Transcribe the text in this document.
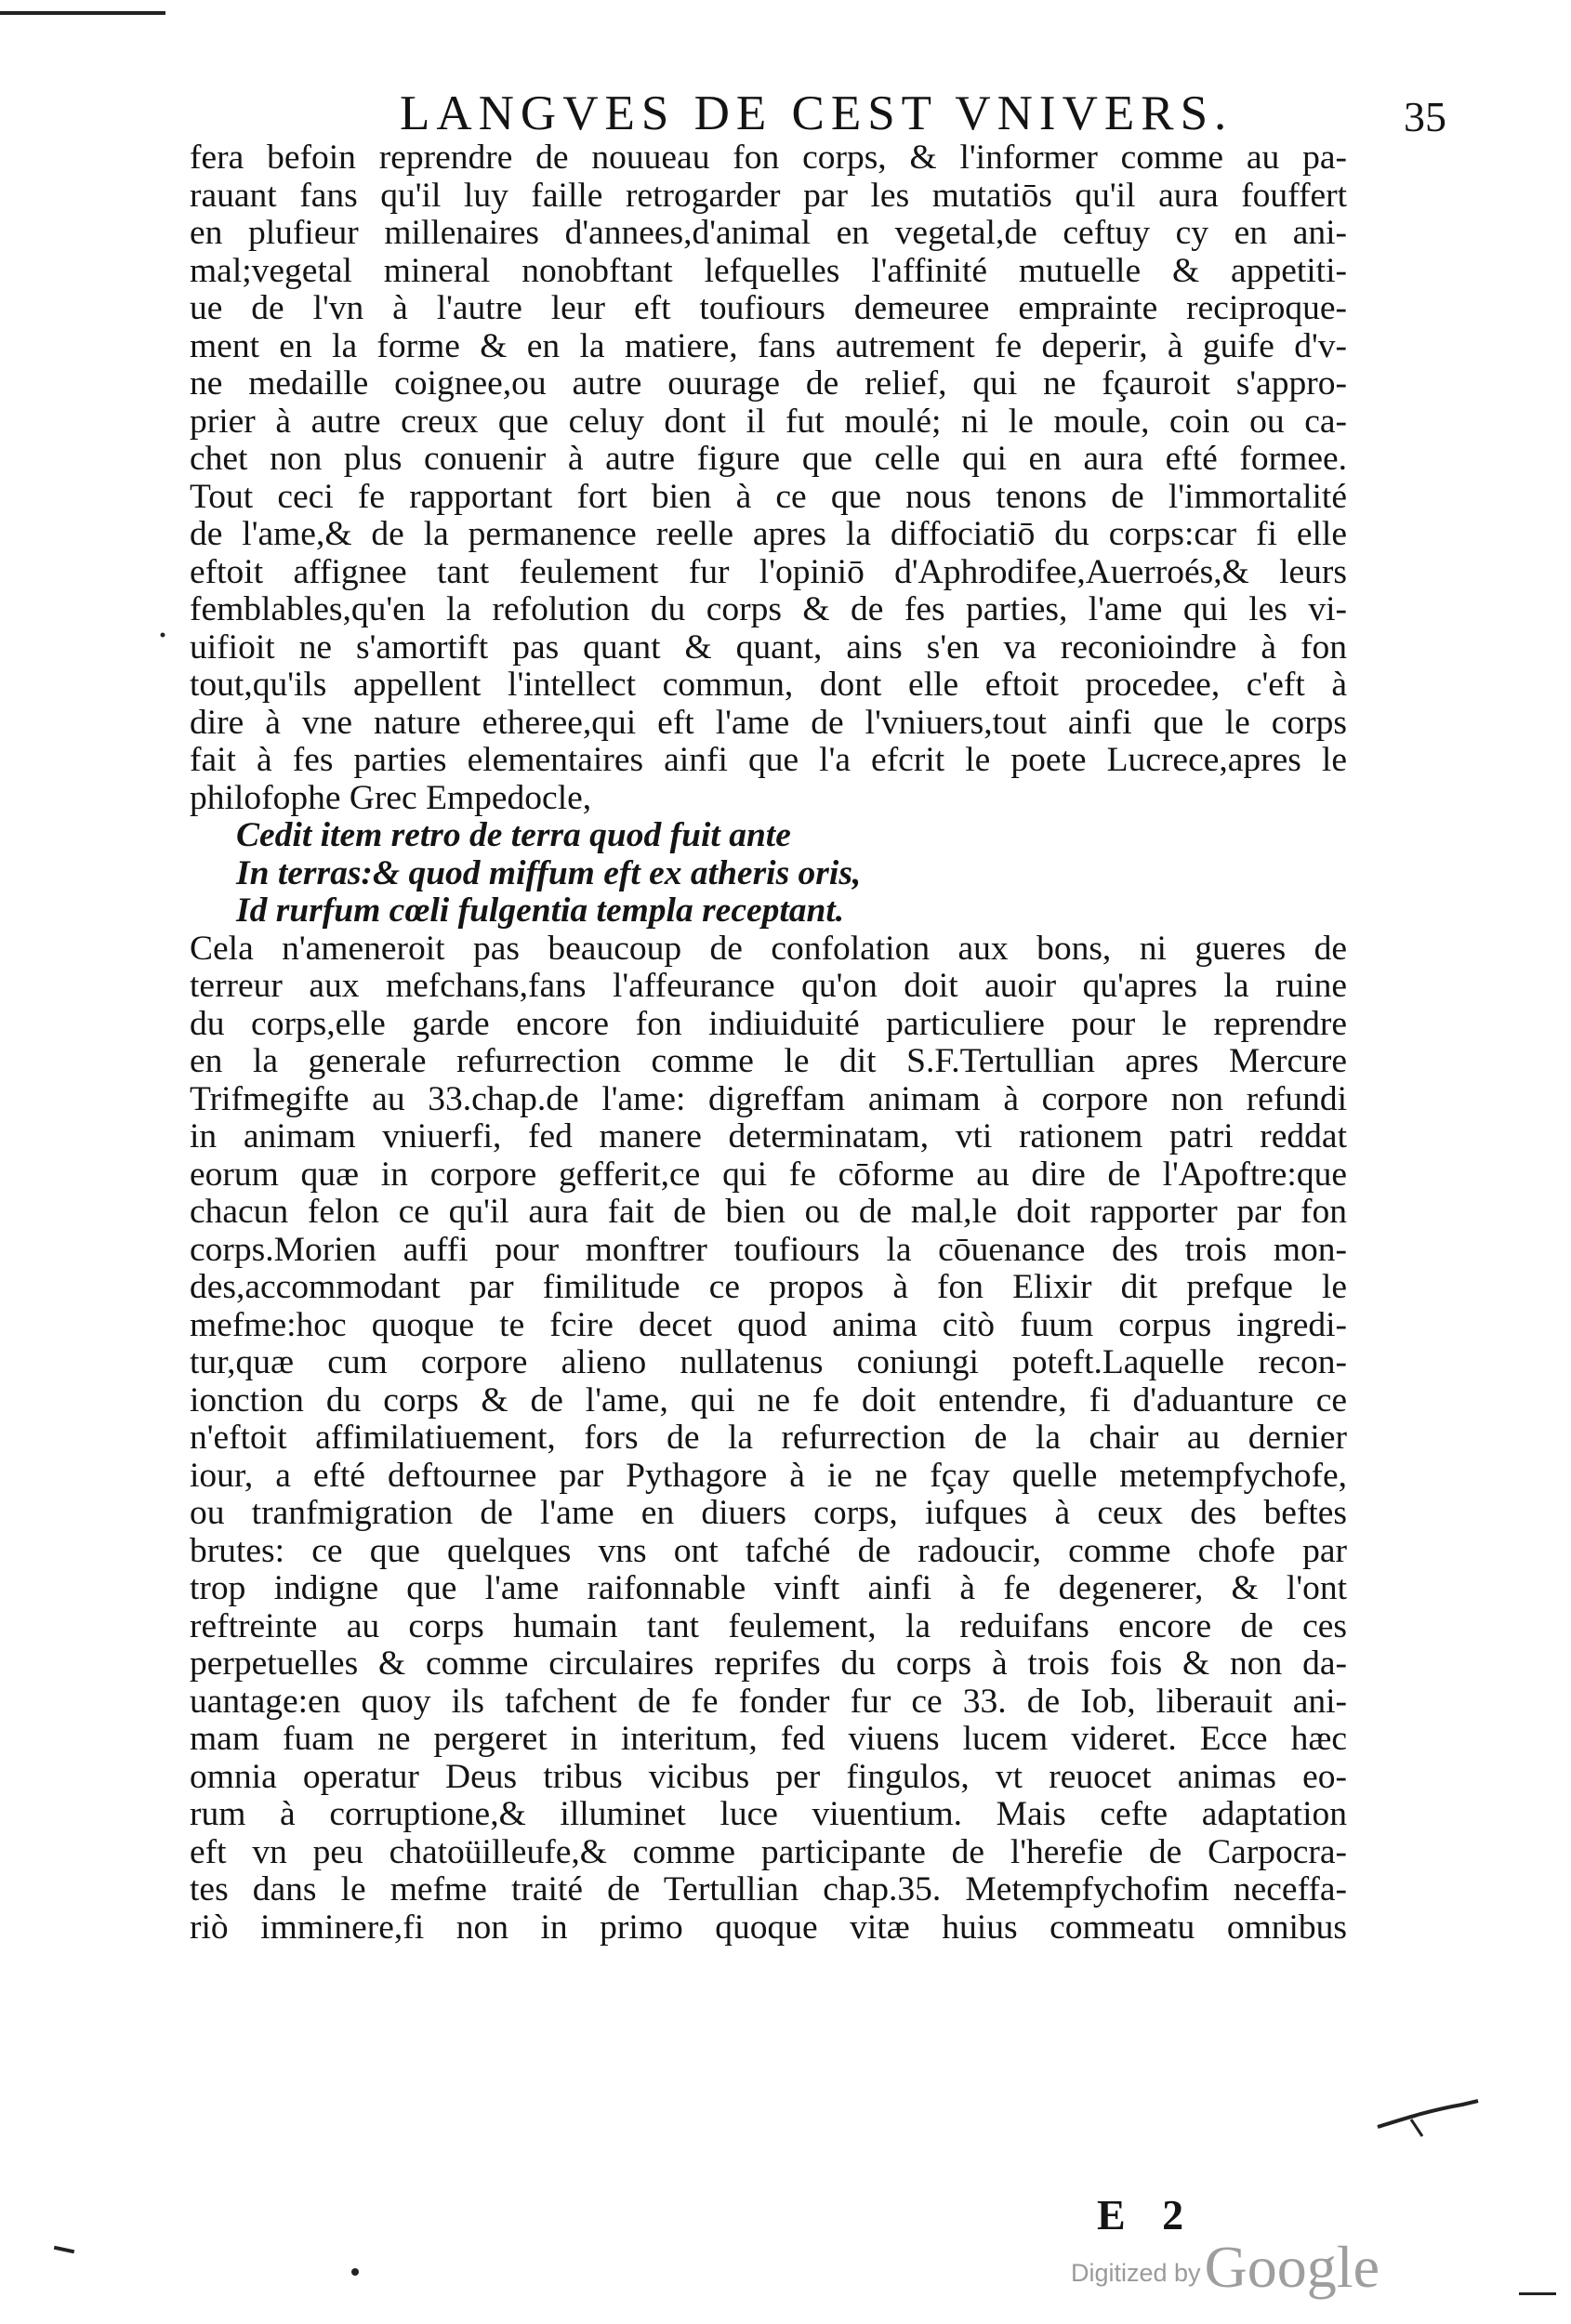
LANGVES DE CEST VNIVERS.	35
·
fera befoin reprendre de nouueau fon corps, & l'informer comme au pa-
rauant fans qu'il luy faille retrogarder par les mutatiōs qu'il aura fouffert
en plufieur millenaires d'annees,d'animal en vegetal,de ceftuy cy en ani-
mal;vegetal mineral nonobftant lefquelles l'affinité mutuelle & appetiti-
ue de l'vn à l'autre leur eft toufiours demeuree emprainte reciproque-
ment en la forme & en la matiere, fans autrement fe deperir, à guife d'v-
ne medaille coignee,ou autre ouurage de relief, qui ne fçauroit s'appro-
prier à autre creux que celuy dont il fut moulé; ni le moule, coin ou ca-
chet non plus conuenir à autre figure que celle qui en aura efté formee.
Tout ceci fe rapportant fort bien à ce que nous tenons de l'immortalité
de l'ame,& de la permanence reelle apres la diffociatiō du corps:car fi elle
eftoit affignee tant feulement fur l'opiniō d'Aphrodifee,Auerroés,& leurs
femblables,qu'en la refolution du corps & de fes parties, l'ame qui les vi-
uifioit ne s'amortift pas quant & quant, ains s'en va reconioindre à fon
tout,qu'ils appellent l'intellect commun, dont elle eftoit procedee, c'eft à
dire à vne nature etheree,qui eft l'ame de l'vniuers,tout ainfi que le corps
fait à fes parties elementaires ainfi que l'a efcrit le poete Lucrece,apres le
philofophe Grec Empedocle,
Cedit item retro de terra quod fuit ante
In terras:& quod miffum eft ex atheris oris,
Id rurfum cœli fulgentia templa receptant.
Cela n'ameneroit pas beaucoup de confolation aux bons, ni gueres de
terreur aux mefchans,fans l'affeurance qu'on doit auoir qu'apres la ruine
du corps,elle garde encore fon indiuiduité particuliere pour le reprendre
en la generale refurrection comme le dit S.F.Tertullian apres Mercure
Trifmegifte au 33.chap.de l'ame: digreffam animam à corpore non refundi
in animam vniuerfi, fed manere determinatam, vti rationem patri reddat
eorum quæ in corpore gefferit,ce qui fe cōforme au dire de l'Apoftre:que
chacun felon ce qu'il aura fait de bien ou de mal,le doit rapporter par fon
corps.Morien auffi pour monftrer toufiours la cōuenance des trois mon-
des,accommodant par fimilitude ce propos à fon Elixir dit prefque le
mefme:hoc quoque te fcire decet quod anima citò fuum corpus ingredi-
tur,quæ cum corpore alieno nullatenus coniungi poteft.Laquelle recon-
ionction du corps & de l'ame, qui ne fe doit entendre, fi d'aduanture ce
n'eftoit affimilatiuement, fors de la refurrection de la chair au dernier
iour, a efté deftournee par Pythagore à ie ne fçay quelle metempfychofe,
ou tranfmigration de l'ame en diuers corps, iufques à ceux des beftes
brutes: ce que quelques vns ont tafché de radoucir, comme chofe par
trop indigne que l'ame raifonnable vinft ainfi à fe degenerer, & l'ont
reftreinte au corps humain tant feulement, la reduifans encore de ces
perpetuelles & comme circulaires reprifes du corps à trois fois & non da-
uantage:en quoy ils tafchent de fe fonder fur ce 33. de Iob, liberauit ani-
mam fuam ne pergeret in interitum, fed viuens lucem videret. Ecce hæc
omnia operatur Deus tribus vicibus per fingulos, vt reuocet animas eo-
rum à corruptione,& illuminet luce viuentium. Mais cefte adaptation
eft vn peu chatoüilleufe,& comme participante de l'herefie de Carpocra-
tes dans le mefme traité de Tertullian chap.35. Metempfychofim neceffa-
riò imminere,fi non in primo quoque vitæ huius commeatu omnibus
E 2
Digitized by Google
